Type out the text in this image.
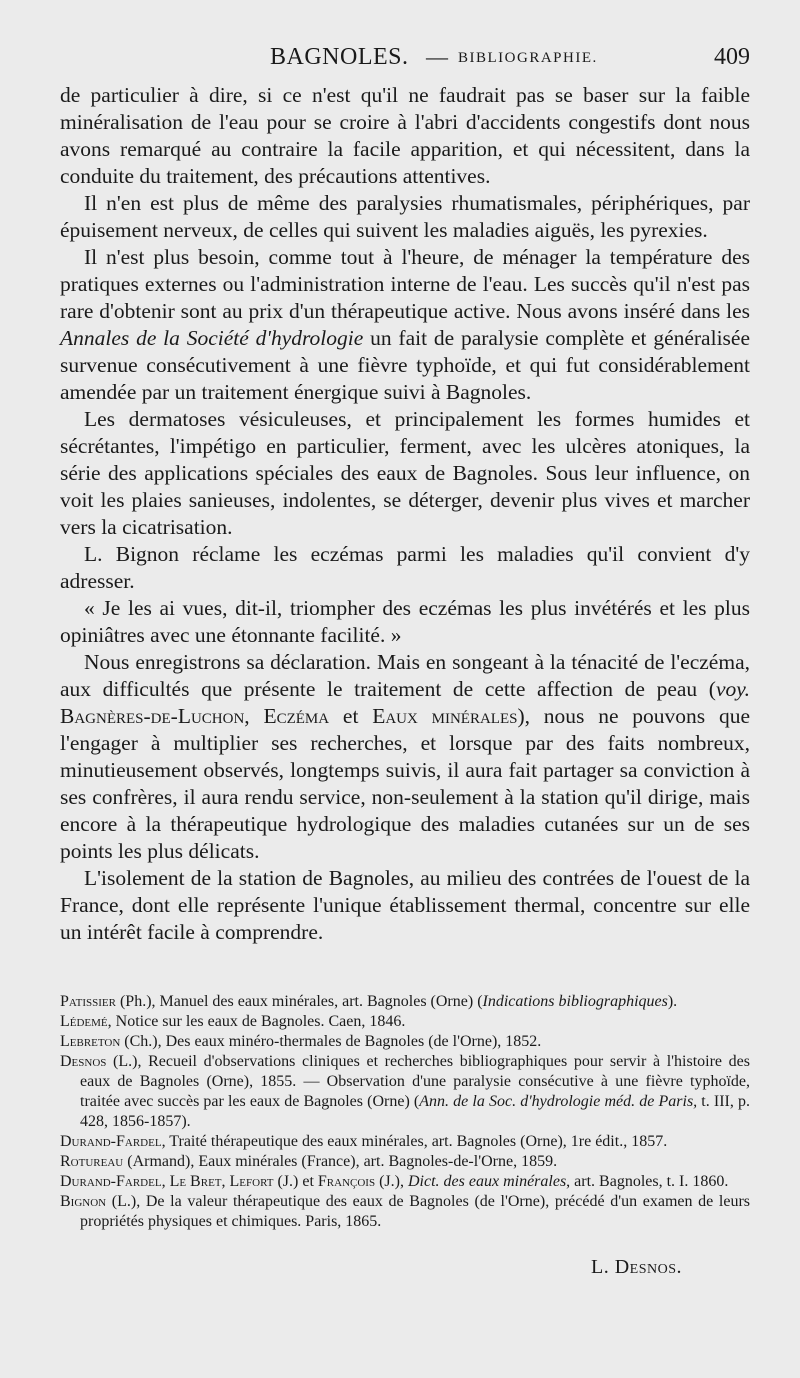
BAGNOLES. — BIBLIOGRAPHIE.	409

de particulier à dire, si ce n'est qu'il ne faudrait pas se baser sur la faible minéralisation de l'eau pour se croire à l'abri d'accidents congestifs dont nous avons remarqué au contraire la facile apparition, et qui nécessitent, dans la conduite du traitement, des précautions attentives.

Il n'en est plus de même des paralysies rhumatismales, périphériques, par épuisement nerveux, de celles qui suivent les maladies aiguës, les pyrexies.

Il n'est plus besoin, comme tout à l'heure, de ménager la température des pratiques externes ou l'administration interne de l'eau. Les succès qu'il n'est pas rare d'obtenir sont au prix d'un thérapeutique active. Nous avons inséré dans les Annales de la Société d'hydrologie un fait de paralysie complète et généralisée survenue consécutivement à une fièvre typhoïde, et qui fut considérablement amendée par un traitement énergique suivi à Bagnoles.

Les dermatoses vésiculeuses, et principalement les formes humides et sécrétantes, l'impétigo en particulier, ferment, avec les ulcères atoniques, la série des applications spéciales des eaux de Bagnoles. Sous leur influence, on voit les plaies sanieuses, indolentes, se déterger, devenir plus vives et marcher vers la cicatrisation.

L. Bignon réclame les eczémas parmi les maladies qu'il convient d'y adresser.

« Je les ai vues, dit-il, triompher des eczémas les plus invétérés et les plus opiniâtres avec une étonnante facilité. »

Nous enregistrons sa déclaration. Mais en songeant à la ténacité de l'eczéma, aux difficultés que présente le traitement de cette affection de peau (voy. Bagnères-de-Luchon, Eczéma et Eaux minérales), nous ne pouvons que l'engager à multiplier ses recherches, et lorsque par des faits nombreux, minutieusement observés, longtemps suivis, il aura fait partager sa conviction à ses confrères, il aura rendu service, non-seulement à la station qu'il dirige, mais encore à la thérapeutique hydrologique des maladies cutanées sur un de ses points les plus délicats.

L'isolement de la station de Bagnoles, au milieu des contrées de l'ouest de la France, dont elle représente l'unique établissement thermal, concentre sur elle un intérêt facile à comprendre.

Patissier (Ph.), Manuel des eaux minérales, art. Bagnoles (Orne) (Indications bibliographiques).

Lédemé, Notice sur les eaux de Bagnoles. Caen, 1846.

Lebreton (Ch.), Des eaux minéro-thermales de Bagnoles (de l'Orne), 1852.

Desnos (L.), Recueil d'observations cliniques et recherches bibliographiques pour servir à l'histoire des eaux de Bagnoles (Orne), 1855. — Observation d'une paralysie consécutive à une fièvre typhoïde, traitée avec succès par les eaux de Bagnoles (Orne) (Ann. de la Soc. d'hydrologie méd. de Paris, t. III, p. 428, 1856-1857).

Durand-Fardel, Traité thérapeutique des eaux minérales, art. Bagnoles (Orne), 1re édit., 1857.

Rotureau (Armand), Eaux minérales (France), art. Bagnoles-de-l'Orne, 1859.

Durand-Fardel, Le Bret, Lefort (J.) et François (J.), Dict. des eaux minérales, art. Bagnoles, t. I. 1860.

Bignon (L.), De la valeur thérapeutique des eaux de Bagnoles (de l'Orne), précédé d'un examen de leurs propriétés physiques et chimiques. Paris, 1865.

L. Desnos.
